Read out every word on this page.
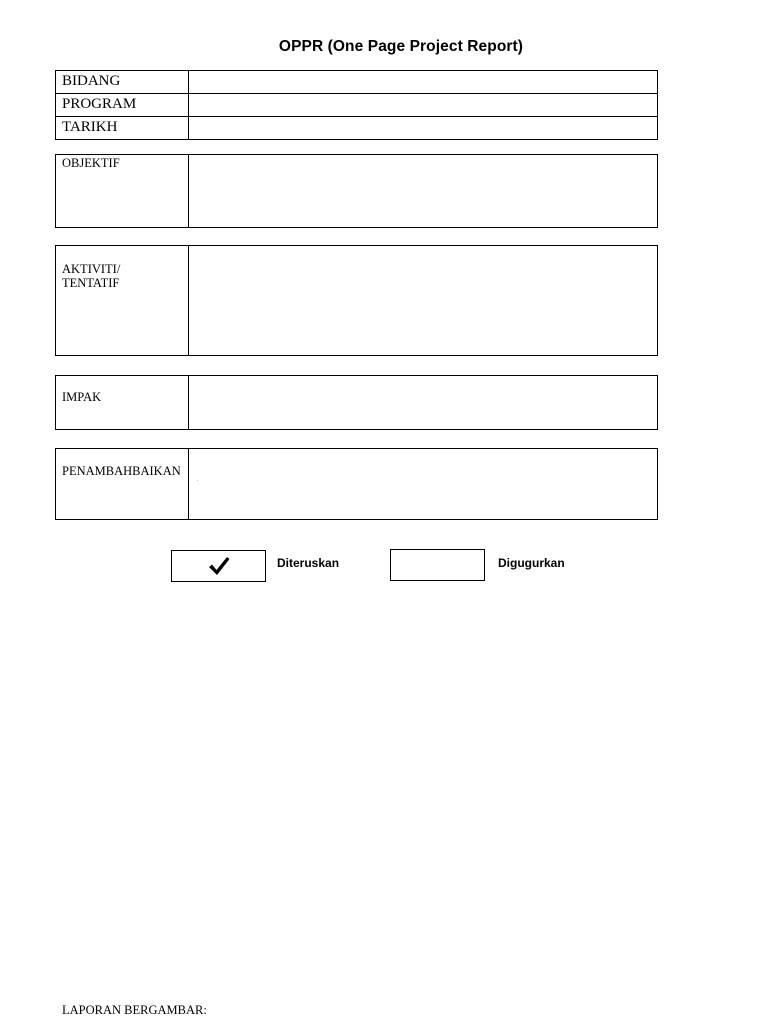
OPPR (One Page Project Report)
BIDANG	
PROGRAM	
TARIKH	
OBJEKTIF	
AKTIVITI/
TENTATIF	
IMPAK	
PENAMBAHBAIKAN	.
Diteruskan	Digugurkan
LAPORAN BERGAMBAR:
